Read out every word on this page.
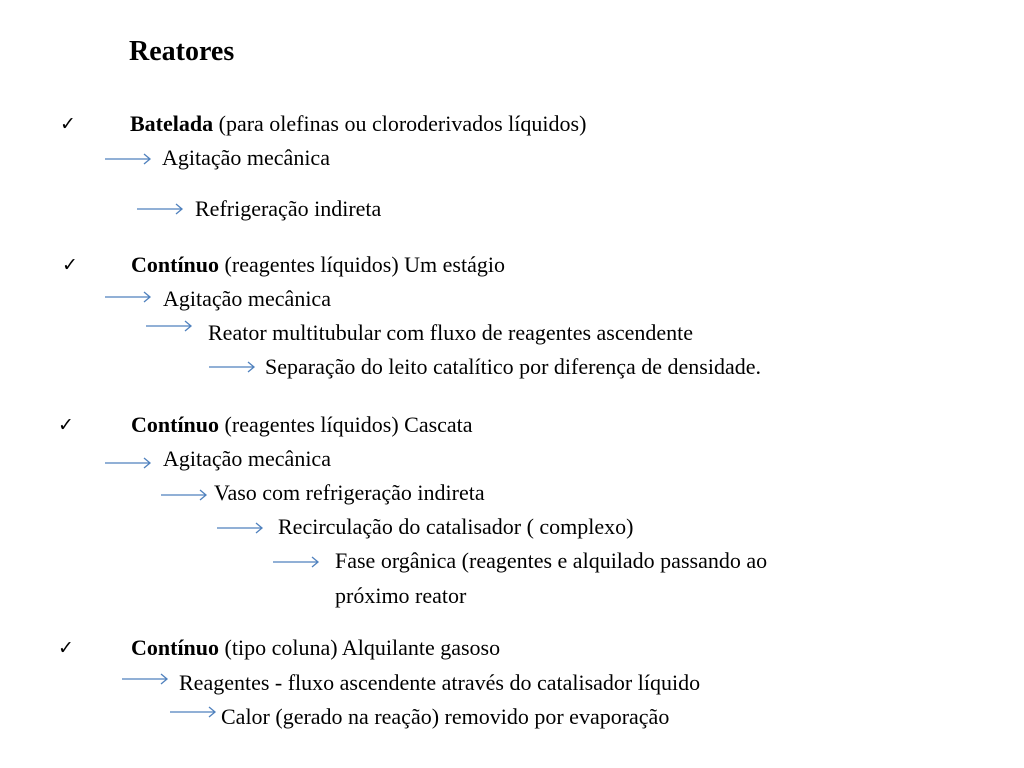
Reatores
✓ Batelada (para olefinas ou cloroderivados líquidos)
Agitação mecânica
Refrigeração indireta
✓ Contínuo (reagentes líquidos) Um estágio
Agitação mecânica
Reator multitubular com fluxo de reagentes ascendente
Separação do leito catalítico por diferença de densidade.
✓	Contínuo (reagentes líquidos) Cascata
Agitação mecânica
Vaso com refrigeração indireta
Recirculação do catalisador ( complexo)
Fase orgânica (reagentes e alquilado passando ao
próximo reator
✓	Contínuo (tipo coluna) Alquilante gasoso
Reagentes - fluxo ascendente através do catalisador líquido
Calor (gerado na reação) removido por evaporação
